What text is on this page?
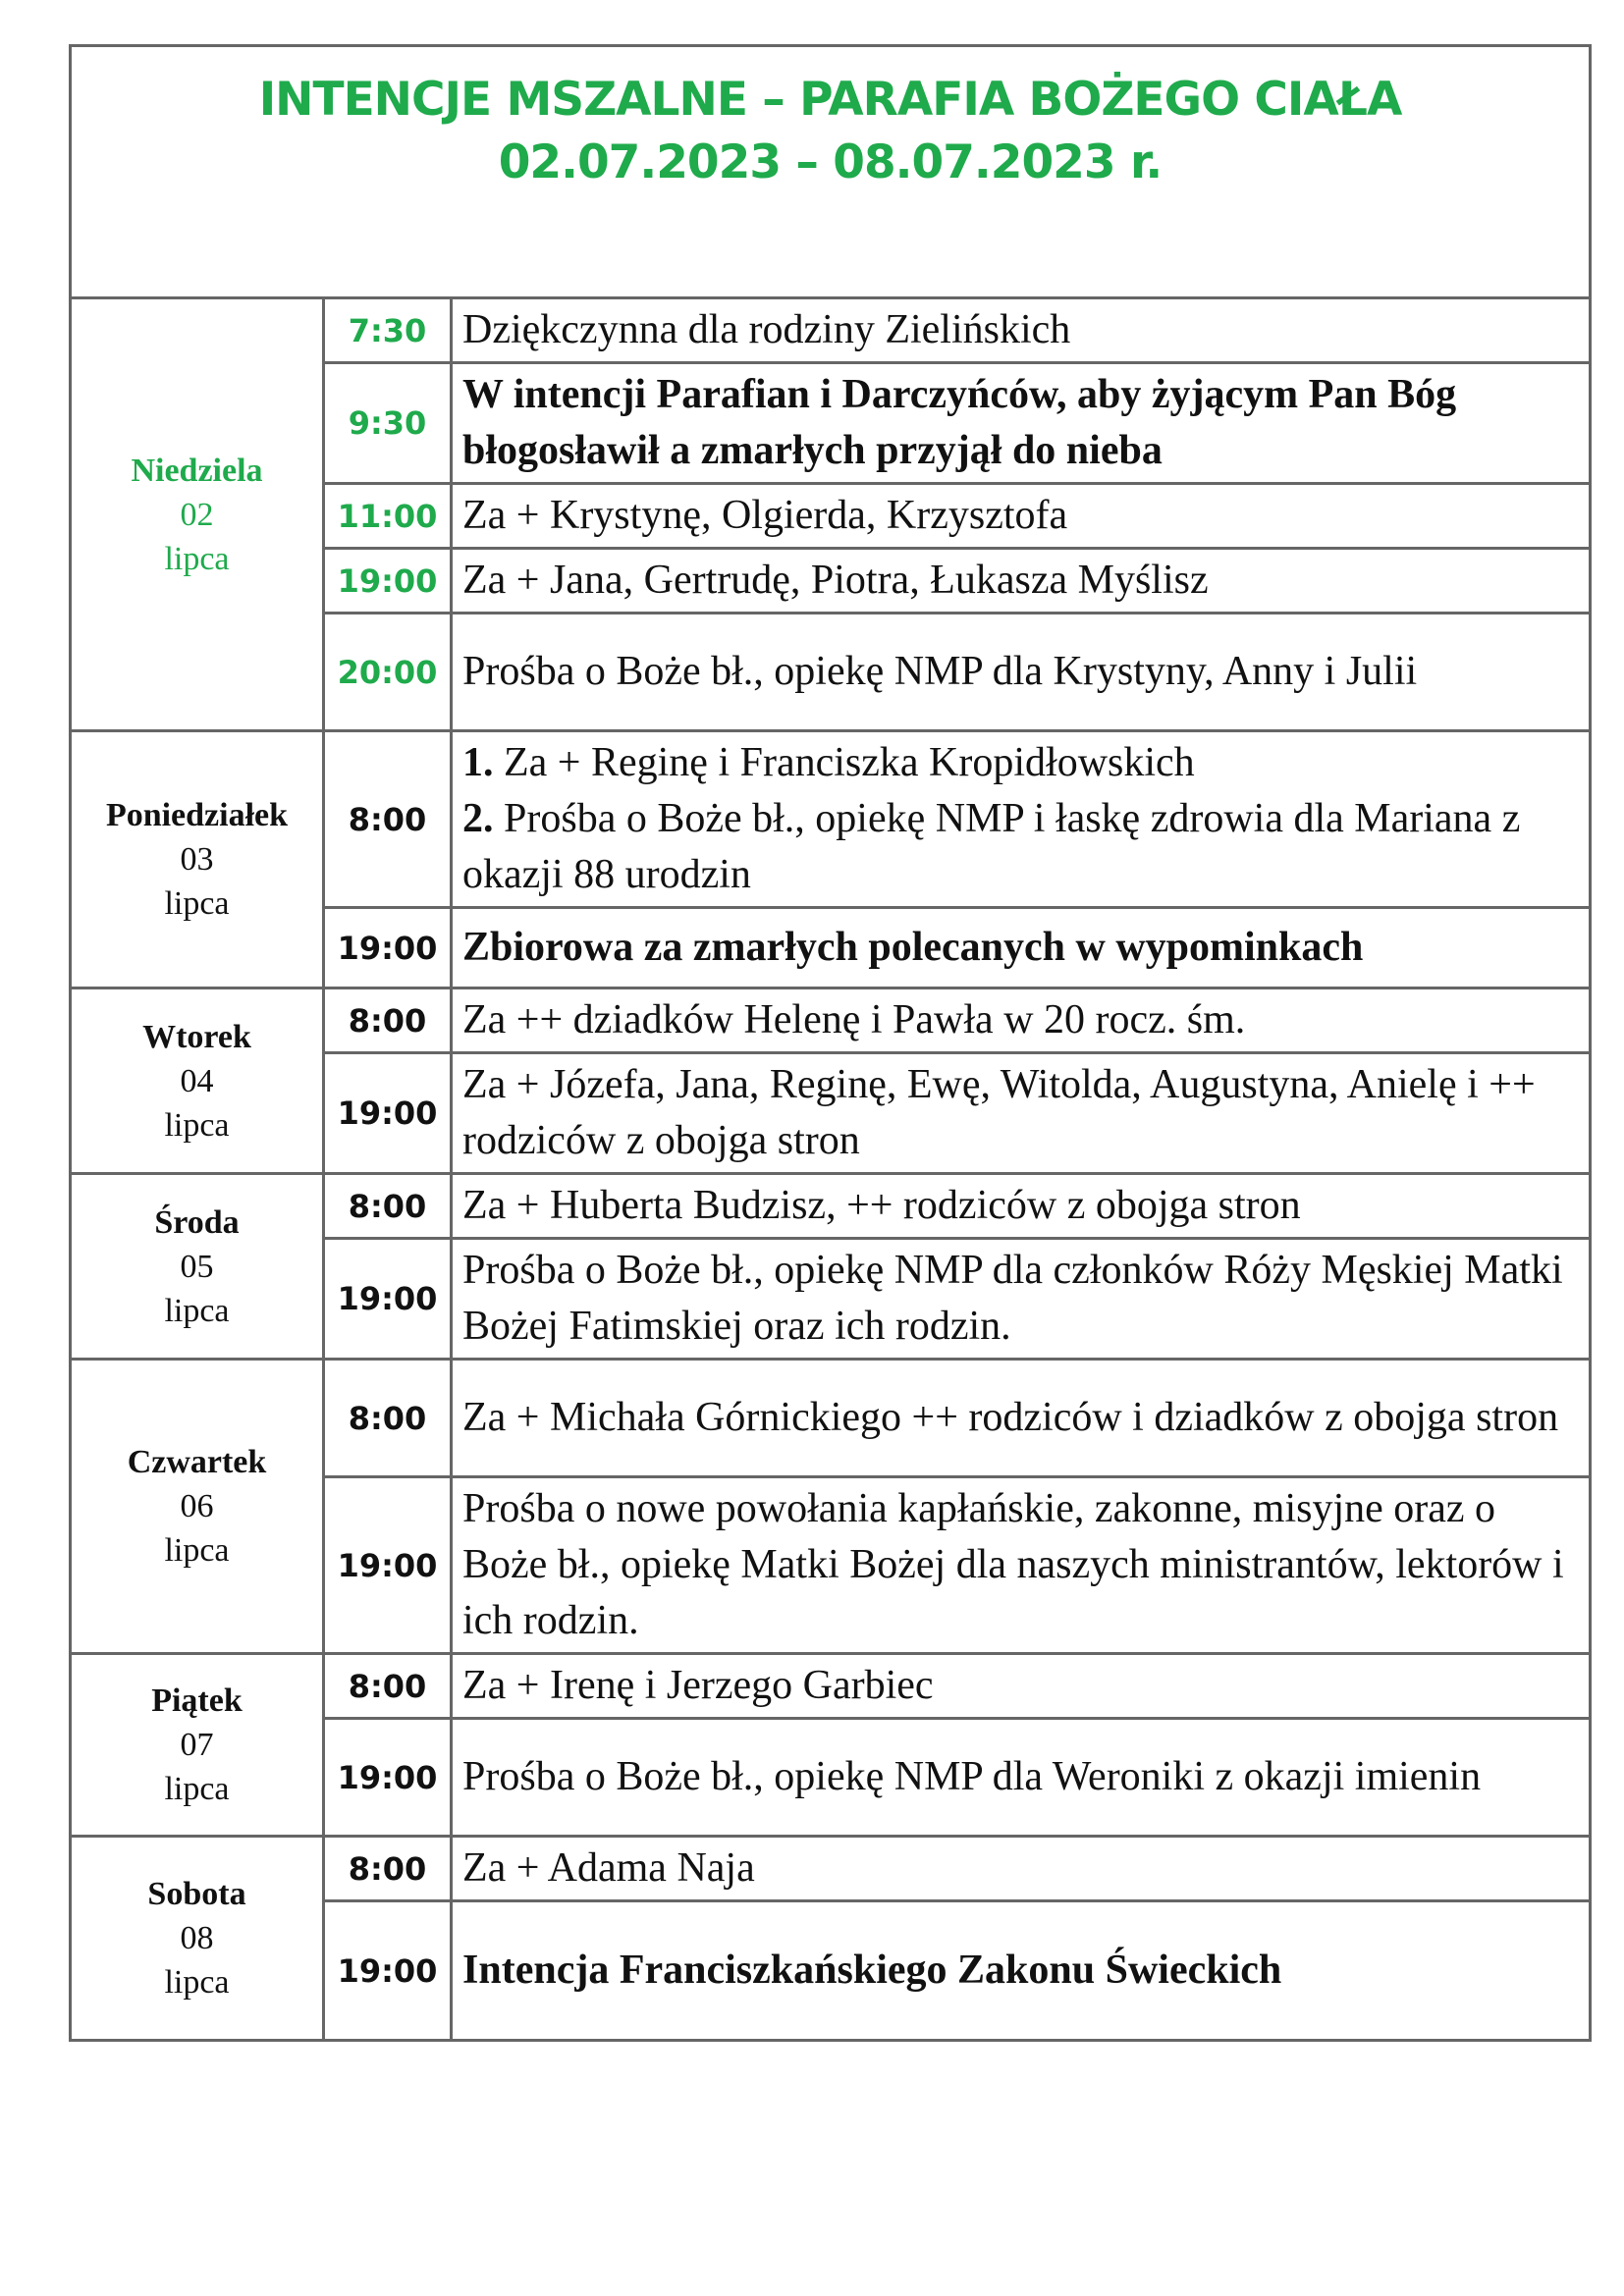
INTENCJE MSZALNE – PARAFIA BOŻEGO CIAŁA
02.07.2023 – 08.07.2023 r.		

Niedziela
02
lipca	7:30	Dziękczynna dla rodziny Zielińskich
	9:30	W intencji Parafian i Darczyńców, aby żyjącym Pan Bóg błogosławił a zmarłych przyjął do nieba
	11:00	Za + Krystynę, Olgierda, Krzysztofa
	19:00	Za + Jana, Gertrudę, Piotra, Łukasza Myślisz
	20:00	Prośba o Boże bł., opiekę NMP dla Krystyny, Anny i Julii

Poniedziałek
03
lipca	8:00	1. Za + Reginę i Franciszka Kropidłowskich
2. Prośba o Boże bł., opiekę NMP i łaskę zdrowia dla Mariana z okazji 88 urodzin

	19:00	Zbiorowa za zmarłych polecanych w wypominkach

Wtorek
04
lipca	8:00	Za ++ dziadków Helenę i Pawła w 20 rocz. śm.
	19:00	Za + Józefa, Jana, Reginę, Ewę, Witolda, Augustyna, Anielę i ++ rodziców z obojga stron

Środa
05
lipca	8:00	Za + Huberta Budzisz, ++ rodziców z obojga stron
	19:00	Prośba o Boże bł., opiekę NMP dla członków Róży Męskiej Matki Bożej Fatimskiej oraz ich rodzin.

Czwartek
06
lipca	8:00	Za + Michała Górnickiego ++ rodziców i dziadków z obojga stron
	19:00	Prośba o nowe powołania kapłańskie, zakonne, misyjne oraz o Boże bł., opiekę Matki Bożej dla naszych ministrantów, lektorów i ich rodzin.

Piątek
07
lipca	8:00	Za + Irenę i Jerzego Garbiec
	19:00	Prośba o Boże bł., opiekę NMP dla Weroniki z okazji imienin

Sobota
08
lipca	8:00	Za + Adama Naja
	19:00	Intencja Franciszkańskiego Zakonu Świeckich
